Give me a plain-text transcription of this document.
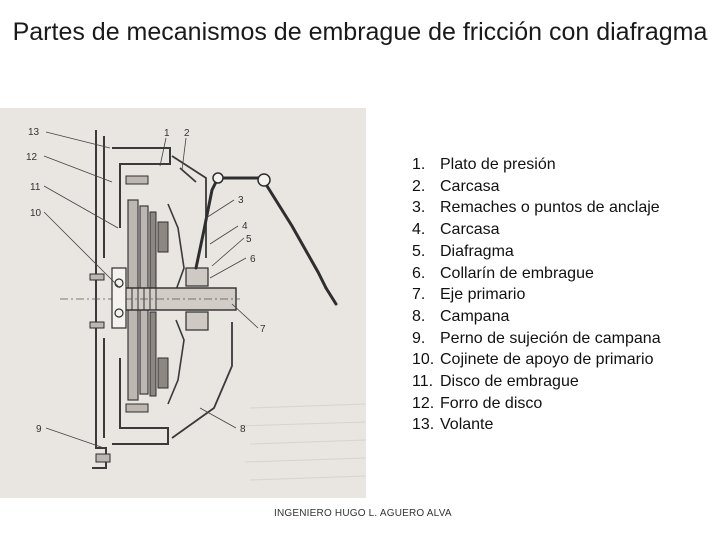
Partes de mecanismos de embrague de fricción con diafragma
13
12
11
10
9
1 2
3
4
5
6
7
8
1. Plato de presión
2. Carcasa
3. Remaches o puntos de anclaje
4. Carcasa
5. Diafragma
6. Collarín de embrague
7. Eje primario
8. Campana
9. Perno de sujeción de campana
10. Cojinete de apoyo de primario
11. Disco de embrague
12. Forro de disco
13. Volante
INGENIERO HUGO L. AGUERO ALVA
